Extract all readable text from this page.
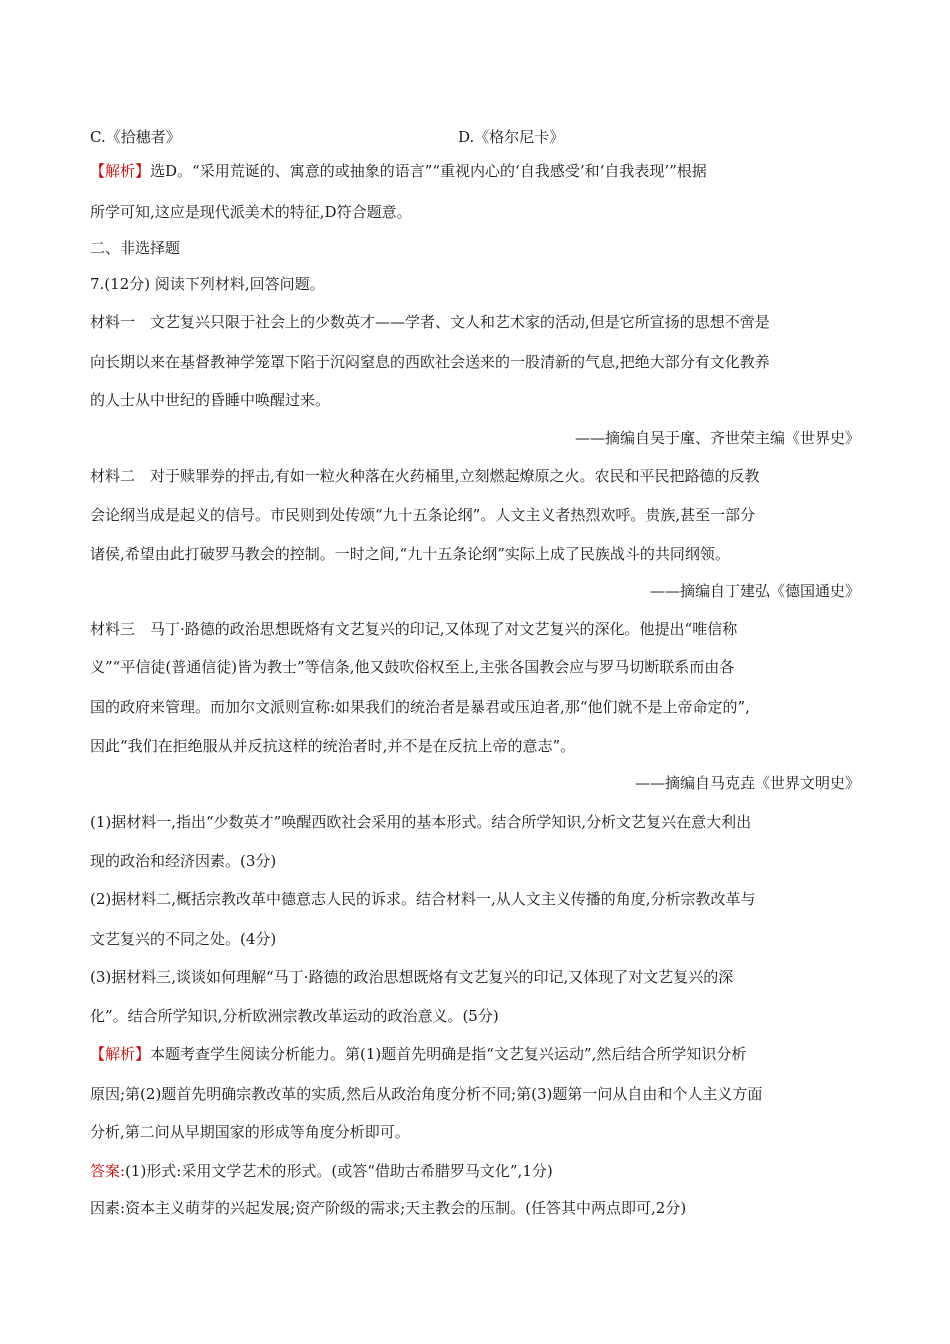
C.《拾穗者》	D.《格尔尼卡》
【解析】选D。“采用荒诞的、寓意的或抽象的语言”“重视内心的‘自我感受’和‘自我表现’”根据
所学可知,这应是现代派美术的特征,D符合题意。
二、非选择题
7.(12分) 阅读下列材料,回答问题。
材料一　文艺复兴只限于社会上的少数英才——学者、文人和艺术家的活动,但是它所宣扬的思想不啻是
向长期以来在基督教神学笼罩下陷于沉闷窒息的西欧社会送来的一股清新的气息,把绝大部分有文化教养
的人士从中世纪的昏睡中唤醒过来。
——摘编自吴于廑、齐世荣主编《世界史》
材料二　对于赎罪券的抨击,有如一粒火种落在火药桶里,立刻燃起燎原之火。农民和平民把路德的反教
会论纲当成是起义的信号。市民则到处传颂“九十五条论纲”。人文主义者热烈欢呼。贵族,甚至一部分
诸侯,希望由此打破罗马教会的控制。一时之间,“九十五条论纲”实际上成了民族战斗的共同纲领。
——摘编自丁建弘《德国通史》
材料三　马丁·路德的政治思想既烙有文艺复兴的印记,又体现了对文艺复兴的深化。他提出“唯信称
义”“平信徒(普通信徒)皆为教士”等信条,他又鼓吹俗权至上,主张各国教会应与罗马切断联系而由各
国的政府来管理。而加尔文派则宣称:如果我们的统治者是暴君或压迫者,那“他们就不是上帝命定的”,
因此“我们在拒绝服从并反抗这样的统治者时,并不是在反抗上帝的意志”。
——摘编自马克垚《世界文明史》
(1)据材料一,指出“少数英才”唤醒西欧社会采用的基本形式。结合所学知识,分析文艺复兴在意大利出
现的政治和经济因素。(3分)
(2)据材料二,概括宗教改革中德意志人民的诉求。结合材料一,从人文主义传播的角度,分析宗教改革与
文艺复兴的不同之处。(4分)
(3)据材料三,谈谈如何理解“马丁·路德的政治思想既烙有文艺复兴的印记,又体现了对文艺复兴的深
化”。结合所学知识,分析欧洲宗教改革运动的政治意义。(5分)
【解析】本题考查学生阅读分析能力。第(1)题首先明确是指“文艺复兴运动”,然后结合所学知识分析
原因;第(2)题首先明确宗教改革的实质,然后从政治角度分析不同;第(3)题第一问从自由和个人主义方面
分析,第二问从早期国家的形成等角度分析即可。
答案:(1)形式:采用文学艺术的形式。(或答“借助古希腊罗马文化”,1分)
因素:资本主义萌芽的兴起发展;资产阶级的需求;天主教会的压制。(任答其中两点即可,2分)
